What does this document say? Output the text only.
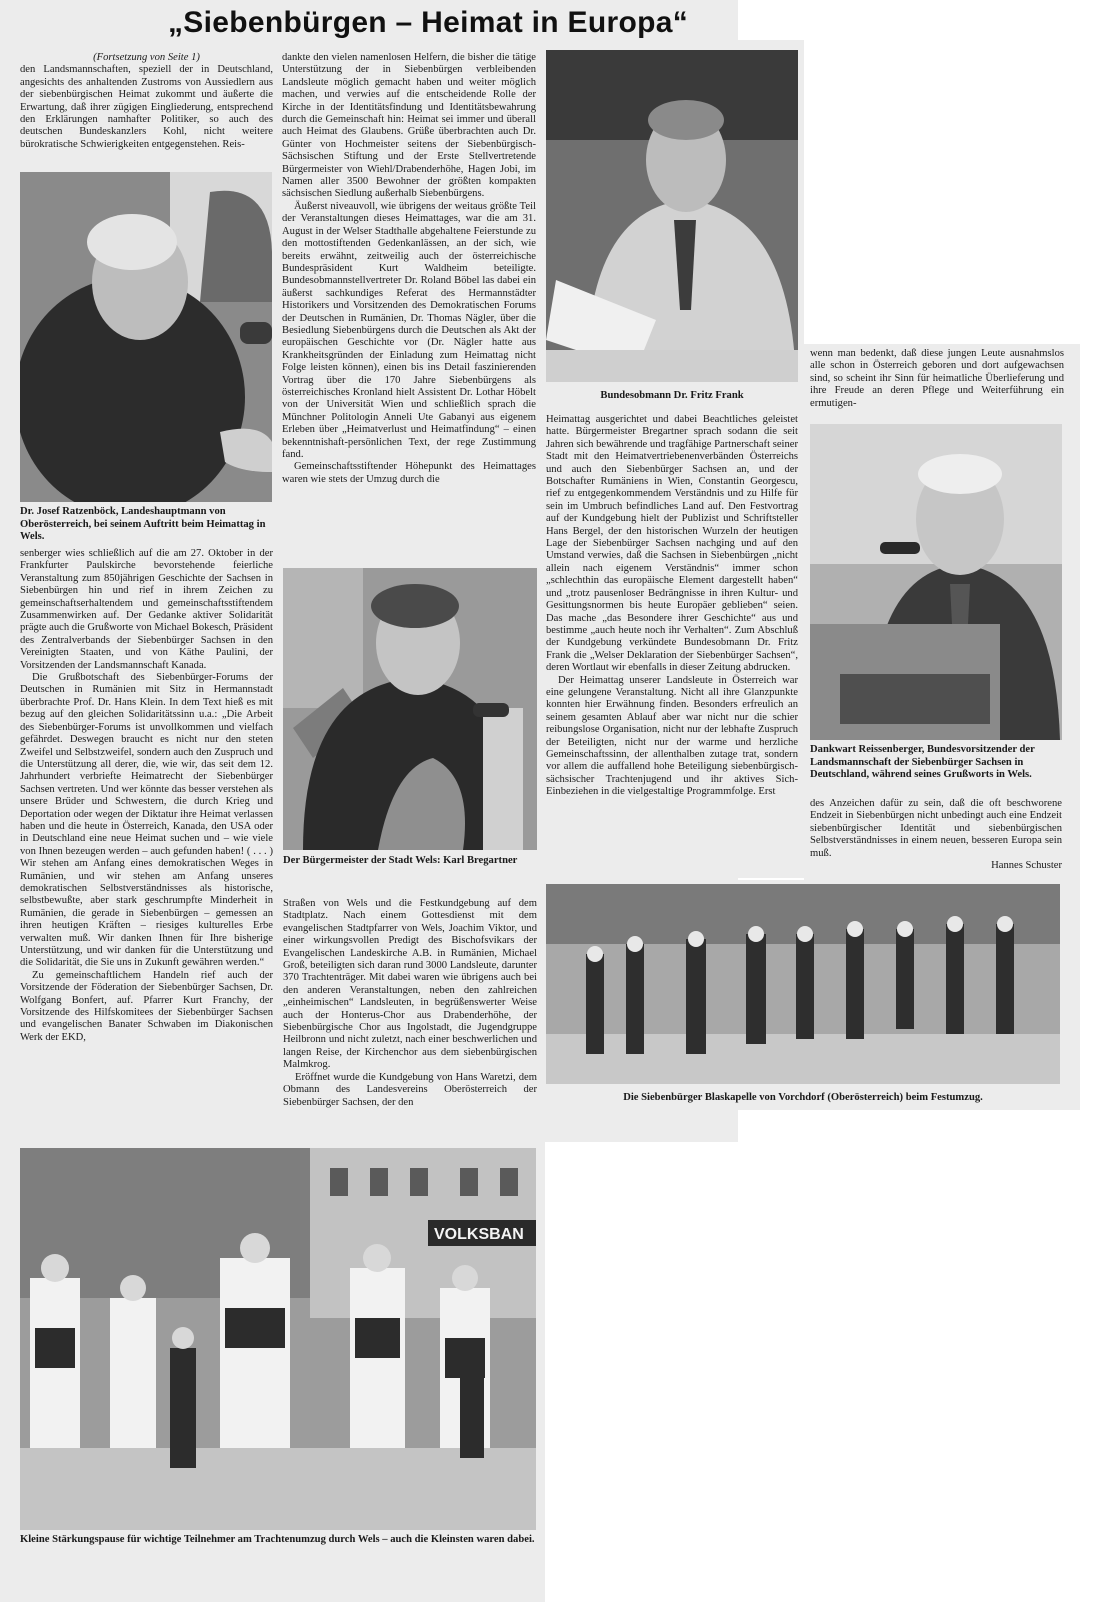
„Siebenbürgen – Heimat in Europa“
(Fortsetzung von Seite 1)

den Landsmannschaften, speziell der in Deutschland, angesichts des anhaltenden Zustroms von Aussiedlern aus der siebenbürgischen Heimat zukommt und äußerte die Erwartung, daß ihrer zügigen Eingliederung, entsprechend den Erklärungen namhafter Politiker, so auch des deutschen Bundeskanzlers Kohl, nicht weitere bürokratische Schwierigkeiten entgegenstehen. Reis-

Dr. Josef Ratzenböck, Landeshauptmann von Oberösterreich, bei seinem Auftritt beim Heimattag in Wels.

senberger wies schließlich auf die am 27. Oktober in der Frankfurter Paulskirche bevorstehende feierliche Veranstaltung zum 850jährigen Geschichte der Sachsen in Siebenbürgen hin und rief in ihrem Zeichen zu gemeinschaftserhaltendem und gemeinschaftsstiftendem Zusammenwirken auf. Der Gedanke aktiver Solidarität prägte auch die Grußworte von Michael Bokesch, Präsident des Zentralverbands der Siebenbürger Sachsen in den Vereinigten Staaten, und von Käthe Paulini, der Vorsitzenden der Landsmannschaft Kanada.

Die Grußbotschaft des Siebenbürger-Forums der Deutschen in Rumänien mit Sitz in Hermannstadt überbrachte Prof. Dr. Hans Klein. In dem Text hieß es mit bezug auf den gleichen Solidaritätssinn u.a.: „Die Arbeit des Siebenbürger-Forums ist unvollkommen und vielfach gefährdet. Deswegen braucht es nicht nur den steten Zweifel und Selbstzweifel, sondern auch den Zuspruch und die Unterstützung all derer, die, wie wir, das seit dem 12. Jahrhundert verbriefte Heimatrecht der Siebenbürger Sachsen vertreten. Und wer könnte das besser verstehen als unsere Brüder und Schwestern, die durch Krieg und Deportation oder wegen der Diktatur ihre Heimat verlassen haben und die heute in Österreich, Kanada, den USA oder in Deutschland eine neue Heimat suchen und – wie viele von Ihnen bezeugen werden – auch gefunden haben! ( . . . ) Wir stehen am Anfang eines demokratischen Weges in Rumänien, und wir stehen am Anfang unseres demokratischen Selbstverständnisses als historische, selbstbewußte, aber stark geschrumpfte Minderheit in Rumänien, die gerade in Siebenbürgen – gemessen an ihren heutigen Kräften – riesiges kulturelles Erbe verwalten muß. Wir danken Ihnen für Ihre bisherige Unterstützung, und wir danken für die Unterstützung und die Solidarität, die Sie uns in Zukunft gewähren werden.“

Zu gemeinschaftlichem Handeln rief auch der Vorsitzende der Föderation der Siebenbürger Sachsen, Dr. Wolfgang Bonfert, auf. Pfarrer Kurt Franchy, der Vorsitzende des Hilfskomitees der Siebenbürger Sachsen und evangelischen Banater Schwaben im Diakonischen Werk der EKD,

dankte den vielen namenlosen Helfern, die bisher die tätige Unterstützung der in Siebenbürgen verbleibenden Landsleute möglich gemacht haben und weiter möglich machen, und verwies auf die entscheidende Rolle der Kirche in der Identitätsfindung und Identitätsbewahrung durch die Gemeinschaft hin: Heimat sei immer und überall auch Heimat des Glaubens. Grüße überbrachten auch Dr. Günter von Hochmeister seitens der Siebenbürgisch-Sächsischen Stiftung und der Erste Stellvertretende Bürgermeister von Wiehl/Drabenderhöhe, Hagen Jobi, im Namen aller 3500 Bewohner der größten kompakten sächsischen Siedlung außerhalb Siebenbürgens.

Äußerst niveauvoll, wie übrigens der weitaus größte Teil der Veranstaltungen dieses Heimattages, war die am 31. August in der Welser Stadthalle abgehaltene Feierstunde zu den mottostiftenden Gedenkanlässen, an der sich, wie bereits erwähnt, zeitweilig auch der österreichische Bundespräsident Kurt Waldheim beteiligte. Bundesobmannstellvertreter Dr. Roland Böbel las dabei ein äußerst sachkundiges Referat des Hermannstädter Historikers und Vorsitzenden des Demokratischen Forums der Deutschen in Rumänien, Dr. Thomas Nägler, über die Besiedlung Siebenbürgens durch die Deutschen als Akt der europäischen Geschichte vor (Dr. Nägler hatte aus Krankheitsgründen der Einladung zum Heimattag nicht Folge leisten können), einen bis ins Detail faszinierenden Vortrag über die 170 Jahre Siebenbürgens als österreichisches Kronland hielt Assistent Dr. Lothar Höbelt von der Universität Wien und schließlich sprach die Münchner Politologin Anneli Ute Gabanyi aus eigenem Erleben über „Heimatverlust und Heimatfindung“ – einen bekenntnishaft-persönlichen Text, der rege Zustimmung fand.

Gemeinschaftsstiftender Höhepunkt des Heimattages waren wie stets der Umzug durch die

Der Bürgermeister der Stadt Wels: Karl Bregartner

Straßen von Wels und die Festkundgebung auf dem Stadtplatz. Nach einem Gottesdienst mit dem evangelischen Stadtpfarrer von Wels, Joachim Viktor, und einer wirkungsvollen Predigt des Bischofsvikars der Evangelischen Landeskirche A.B. in Rumänien, Michael Groß, beteiligten sich daran rund 3000 Landsleute, darunter 370 Trachtenträger. Mit dabei waren wie übrigens auch bei den anderen Veranstaltungen, neben den zahlreichen „einheimischen“ Landsleuten, in begrüßenswerter Weise auch der Honterus-Chor aus Drabenderhöhe, der Siebenbürgische Chor aus Ingolstadt, die Jugendgruppe Heilbronn und nicht zuletzt, nach einer beschwerlichen und langen Reise, der Kirchenchor aus dem siebenbürgischen Malmkrog.

Eröffnet wurde die Kundgebung von Hans Waretzi, dem Obmann des Landesvereins Oberösterreich der Siebenbürger Sachsen, der den

Bundesobmann Dr. Fritz Frank

Heimattag ausgerichtet und dabei Beachtliches geleistet hatte. Bürgermeister Bregartner sprach sodann die seit Jahren sich bewährende und tragfähige Partnerschaft seiner Stadt mit den Heimatvertriebenenverbänden Österreichs und auch den Siebenbürger Sachsen an, und der Botschafter Rumäniens in Wien, Constantin Georgescu, rief zu entgegenkommendem Verständnis und zu Hilfe für sein im Umbruch befindliches Land auf. Den Festvortrag auf der Kundgebung hielt der Publizist und Schriftsteller Hans Bergel, der den historischen Wurzeln der heutigen Lage der Siebenbürger Sachsen nachging und auf den Umstand verwies, daß die Sachsen in Siebenbürgen „nicht allein nach eigenem Verständnis“ immer schon „schlechthin das europäische Element dargestellt haben“ und „trotz pausenloser Bedrängnisse in ihren Kultur- und Gesittungsnormen bis heute Europäer geblieben“ seien. Das mache „das Besondere ihrer Geschichte“ aus und bestimme „auch heute noch ihr Verhalten“. Zum Abschluß der Kundgebung verkündete Bundesobmann Dr. Fritz Frank die „Welser Deklaration der Siebenbürger Sachsen“, deren Wortlaut wir ebenfalls in dieser Zeitung abdrucken.

Der Heimattag unserer Landsleute in Österreich war eine gelungene Veranstaltung. Nicht all ihre Glanzpunkte konnten hier Erwähnung finden. Besonders erfreulich an seinem gesamten Ablauf aber war nicht nur die schier reibungslose Organisation, nicht nur der lebhafte Zuspruch der Beteiligten, nicht nur der warme und herzliche Gemeinschaftssinn, der allenthalben zutage trat, sondern vor allem die auffallend hohe Beteiligung siebenbürgisch-sächsischer Trachtenjugend und ihr aktives Sich-Einbeziehen in die vielgestaltige Programmfolge. Erst

wenn man bedenkt, daß diese jungen Leute ausnahmslos alle schon in Österreich geboren und dort aufgewachsen sind, so scheint ihr Sinn für heimatliche Überlieferung und ihre Freude an deren Pflege und Weiterführung ein ermutigen-

Dankwart Reissenberger, Bundesvorsitzender der Landsmannschaft der Siebenbürger Sachsen in Deutschland, während seines Grußworts in Wels.

des Anzeichen dafür zu sein, daß die oft beschworene Endzeit in Siebenbürgen nicht unbedingt auch eine Endzeit siebenbürgischer Identität und siebenbürgischen Selbstverständnisses in einem neuen, besseren Europa sein muß.

Hannes Schuster

Die Siebenbürger Blaskapelle von Vorchdorf (Oberösterreich) beim Festumzug.
VOLKSBAN
Kleine Stärkungspause für wichtige Teilnehmer am Trachtenumzug durch Wels – auch die Kleinsten waren dabei.
